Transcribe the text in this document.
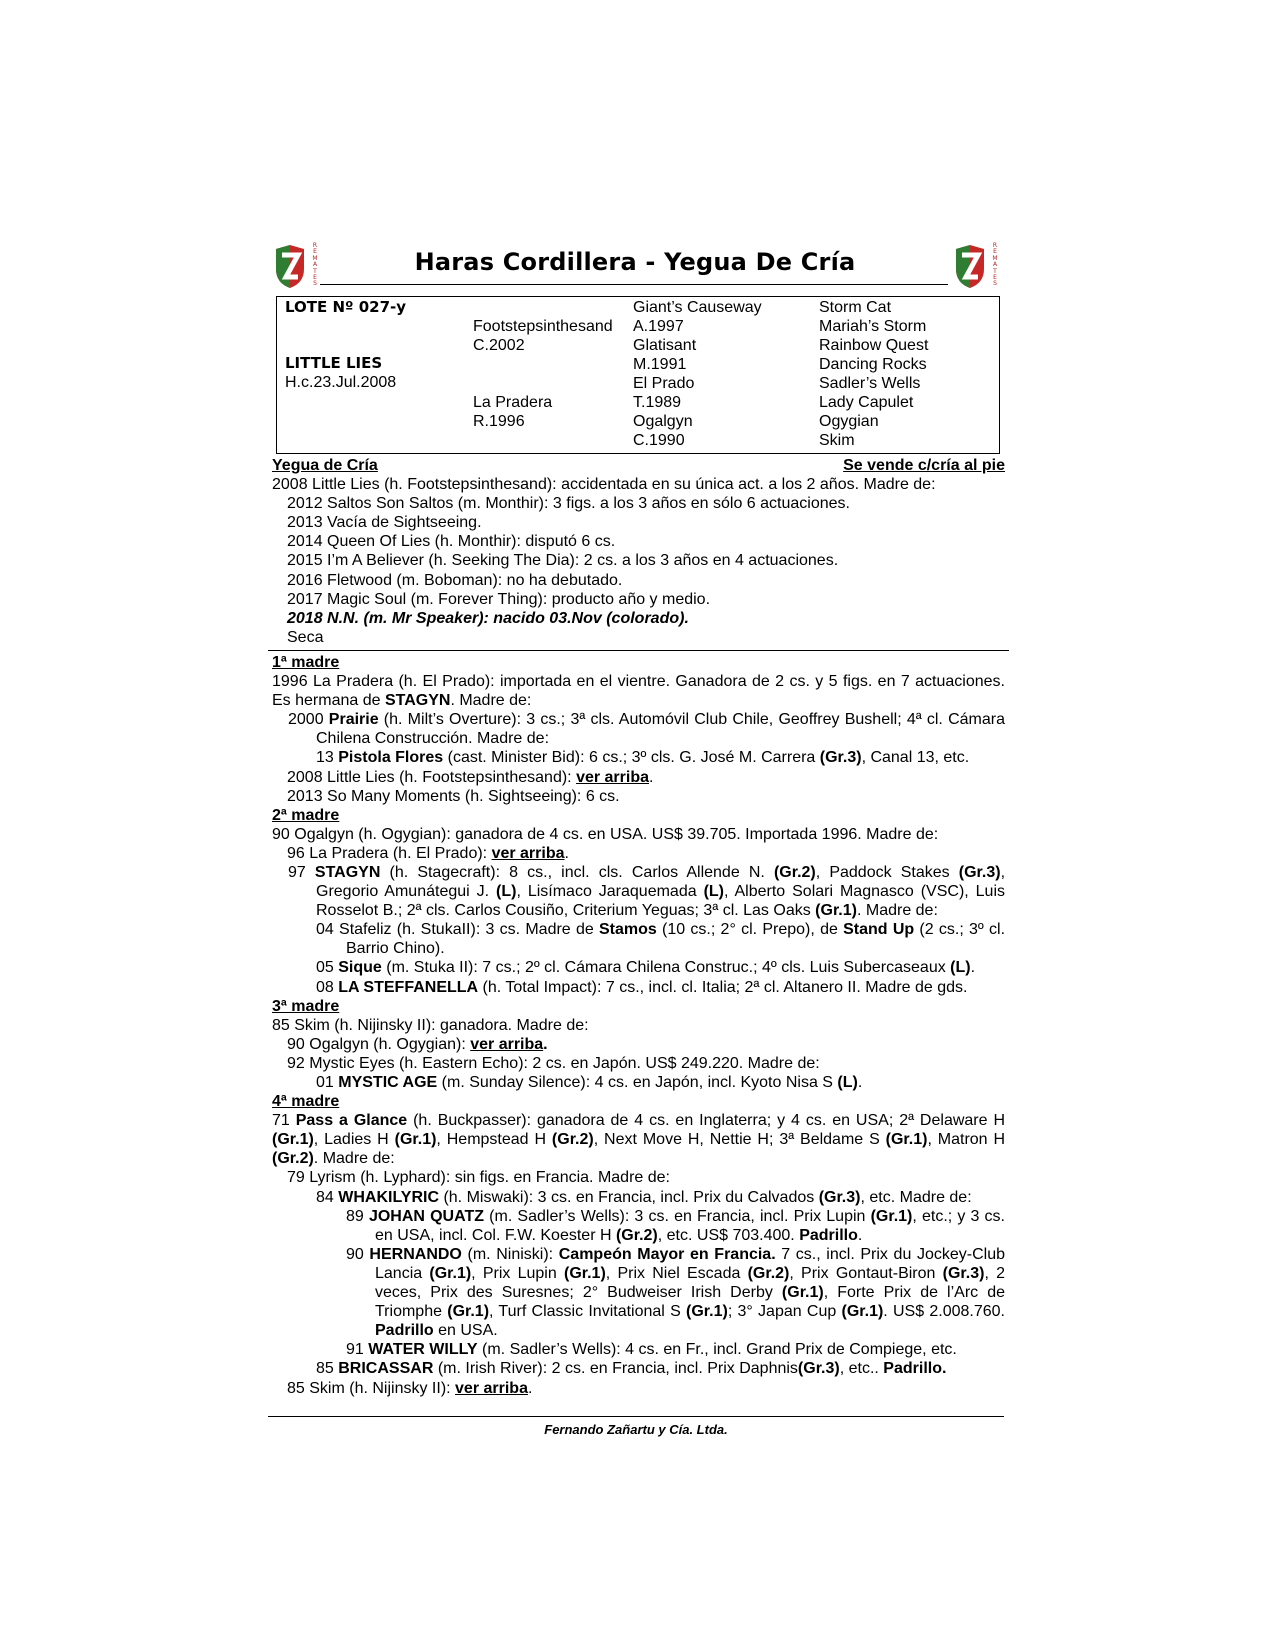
R
E
M
A
T
E
S
R
E
M
A
T
E
S
Haras Cordillera - Yegua De Cría
LOTE Nº 027-y
LITTLE LIES
H.c.23.Jul.2008
Footstepsinthesand
C.2002
La Pradera
R.1996
Giant’s Causeway
A.1997
Glatisant
M.1991
El Prado
T.1989
Ogalgyn
C.1990
Storm Cat
Mariah’s Storm
Rainbow Quest
Dancing Rocks
Sadler’s Wells
Lady Capulet
Ogygian
Skim
Yegua de Cría	Se vende c/cría al pie

2008 Little Lies (h. Footstepsinthesand): accidentada en su única act. a los 2 años. Madre de:

2012 Saltos Son Saltos (m. Monthir): 3 figs. a los 3 años en sólo 6 actuaciones.

2013 Vacía de Sightseeing.

2014 Queen Of Lies (h. Monthir): disputó 6 cs.

2015 I’m A Believer (h. Seeking The Dia): 2 cs. a los 3 años en 4 actuaciones.

2016 Fletwood (m. Boboman): no ha debutado.

2017 Magic Soul (m. Forever Thing): producto año y medio.

2018 N.N. (m. Mr Speaker): nacido 03.Nov (colorado).

Seca

1ª madre

1996 La Pradera (h. El Prado): importada en el vientre. Ganadora de 2 cs. y 5 figs. en 7 actuaciones. Es hermana de STAGYN. Madre de:

2000 Prairie (h. Milt’s Overture): 3 cs.; 3ª cls. Automóvil Club Chile, Geoffrey Bushell; 4ª cl. Cámara Chilena Construcción. Madre de:

13 Pistola Flores (cast. Minister Bid): 6 cs.; 3º cls. G. José M. Carrera (Gr.3), Canal 13, etc.

2008 Little Lies (h. Footstepsinthesand): ver arriba.

2013 So Many Moments (h. Sightseeing): 6 cs.

2ª madre

90 Ogalgyn (h. Ogygian): ganadora de 4 cs. en USA. US$ 39.705. Importada 1996. Madre de:

96 La Pradera (h. El Prado): ver arriba.

97 STAGYN (h. Stagecraft): 8 cs., incl. cls. Carlos Allende N. (Gr.2), Paddock Stakes (Gr.3), Gregorio Amunátegui J. (L), Lisímaco Jaraquemada (L), Alberto Solari Magnasco (VSC), Luis Rosselot B.; 2ª cls. Carlos Cousiño, Criterium Yeguas; 3ª cl. Las Oaks (Gr.1). Madre de:

04 Stafeliz (h. StukaII): 3 cs. Madre de Stamos (10 cs.; 2° cl. Prepo), de Stand Up (2 cs.; 3º cl. Barrio Chino).

05 Sique (m. Stuka II): 7 cs.; 2º cl. Cámara Chilena Construc.; 4º cls. Luis Subercaseaux (L).

08 LA STEFFANELLA (h. Total Impact): 7 cs., incl. cl. Italia; 2ª cl. Altanero II. Madre de gds.

3ª madre

85 Skim (h. Nijinsky II): ganadora. Madre de:

90 Ogalgyn (h. Ogygian): ver arriba.

92 Mystic Eyes (h. Eastern Echo): 2 cs. en Japón. US$ 249.220. Madre de:

01 MYSTIC AGE (m. Sunday Silence): 4 cs. en Japón, incl. Kyoto Nisa S (L).

4ª madre

71 Pass a Glance (h. Buckpasser): ganadora de 4 cs. en Inglaterra; y 4 cs. en USA; 2ª Delaware H (Gr.1), Ladies H (Gr.1), Hempstead H (Gr.2), Next Move H, Nettie H; 3ª Beldame S (Gr.1), Matron H (Gr.2). Madre de:

79 Lyrism (h. Lyphard): sin figs. en Francia. Madre de:

84 WHAKILYRIC (h. Miswaki): 3 cs. en Francia, incl. Prix du Calvados (Gr.3), etc. Madre de:

89 JOHAN QUATZ (m. Sadler’s Wells): 3 cs. en Francia, incl. Prix Lupin (Gr.1), etc.; y 3 cs. en USA, incl. Col. F.W. Koester H (Gr.2), etc. US$ 703.400. Padrillo.

90 HERNANDO (m. Niniski): Campeón Mayor en Francia. 7 cs., incl. Prix du Jockey-Club Lancia (Gr.1), Prix Lupin (Gr.1), Prix Niel Escada (Gr.2), Prix Gontaut-Biron (Gr.3), 2 veces, Prix des Suresnes; 2° Budweiser Irish Derby (Gr.1), Forte Prix de l’Arc de Triomphe (Gr.1), Turf Classic Invitational S (Gr.1); 3° Japan Cup (Gr.1). US$ 2.008.760. Padrillo en USA.

91 WATER WILLY (m. Sadler’s Wells): 4 cs. en Fr., incl. Grand Prix de Compiege, etc.

85 BRICASSAR (m. Irish River): 2 cs. en Francia, incl. Prix Daphnis(Gr.3), etc.. Padrillo.

85 Skim (h. Nijinsky II): ver arriba.

Fernando Zañartu y Cía. Ltda.
